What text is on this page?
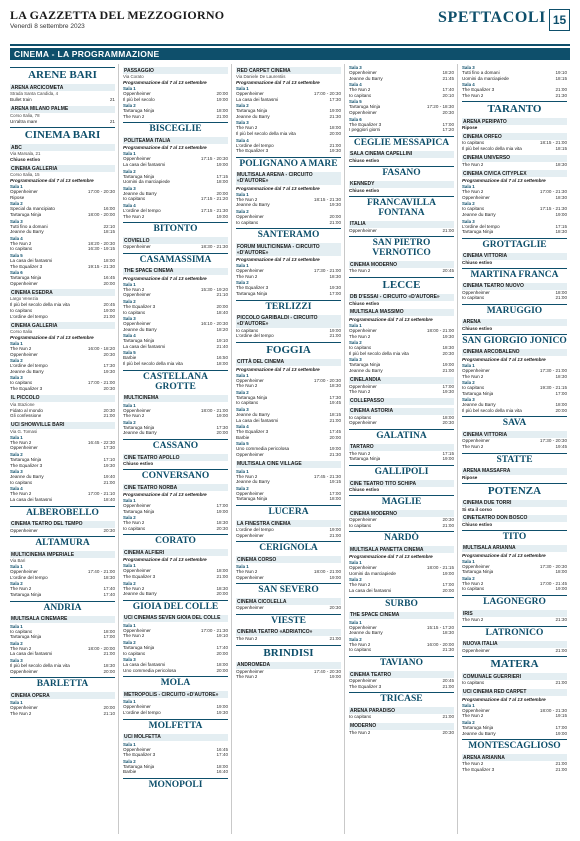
LA GAZZETTA DEL MEZZOGIORNO
Venerdì 8 settembre 2023
SPETTACOLI 15
CINEMA - LA PROGRAMMAZIONE
ARENE BARI
ARENA ARCICOMETA
Strada Santa Candida, 4
Bullet train	21
ARENA MILANO PALME
Corso Italia, 78
Un'altra mare	21
CINEMA BARI
ABC
Via Marsala, 21
Chiuso estivo
CINEMA GALLERIA
Corso Italia, 15
Programmazione dal 7 al 13 settembre
Sala 1
Oppenheimer	17:00 - 20:30
Ripose
Sala 2
Special da mancipiato	16:00
Tartaruga Ninja	18:00 - 20:00
Sala 3
Tutti fino a domani	22:10
Jeanne du Barry	18:15
Sala 4
The Nun 2	18:20 - 20:30
Io capitano	16:30 - 19:15
Sala 5
La casa dei fantasmi	18:00
The Equalizer 3	19:15 - 21:30
Sala 6
Tartaruga Ninja	16:45
Oppenheimer	20:00
CINEMA ESEDRA
Largo Venezia
Il più bel secolo della mia vita	20:45
Io capitano	19:00
L'ordine del tempo	21:00
CINEMA GALLERIA
Corso Italia
Programmazione dal 7 al 13 settembre
Sala 1
The Nun 2	16:00 - 18:20
Oppenheimer	20:30
Sala 2
L'ordine del tempo	17:30
Jeanne du Barry	19:30
Sala 3
Io capitano	17:00 - 21:00
The Equalizer 3	20:30
IL PICCOLO
Via Stazione
Fidato al mondo	20:30
Gli confessione	21:00
UCI SHOWVILLE BARI
Via G. Tomasi
Sala 1
The Nun 2	16:45 - 22:30
Oppenheimer	17:30
Sala 2
Tartaruga Ninja	17:10
The Equalizer 3	19:30
Sala 3
Jeanne du Barry	19:40
Io capitano	21:00
Sala 4
The Nun 2	17:00 - 21:10
La casa dei fantasmi	18:40
ALBEROBELLO
CINEMA TEATRO DEL TEMPO
Oppenheimer	20:30
ALTAMURA
MULTICINEMA IMPERIALE
Via Bari
Sala 1
Oppenheimer	17:40 - 21:00
L'ordine del tempo	18:30
Sala 2
The Nun 2	17:40
Tartaruga Ninja	17:40
ANDRIA
MULTISALA CINEMARE
Sala 1
Io capitano	18:00
Tartaruga Ninja	17:00
Sala 2
The Nun 2	18:00 - 20:00
La casa dei fantasmi	21:00
Sala 3
Il più bel secolo della mia vita	18:30
Oppenheimer	20:00
BARLETTA
CINEMA OPERA
Sala 1
Oppenheimer	20:00
The Nun 2	21:10
PASSAGGIO
Via Corato
Programmazione dal 7 al 13 settembre
Sala 1
Oppenheimer	20:00
Il più bel secolo	19:00
Sala 2
Tartaruga Ninja	18:00
The Nun 2	21:00
BISCEGLIE
POLITEAMA ITALIA
Programmazione dal 7 al 13 settembre
Sala 1
Oppenheimer	17:15 - 20:30
La casa dei fantasmi	19:00
Sala 2
Tartaruga Ninja	17:15
Uomini da marciapiede	18:00
Sala 3
Jeanne du Barry	20:00
Io capitano	17:15 - 21:20
Sala 4
L'ordine del tempo	17:15 - 21:30
The Nun 2	19:00
BITONTO
COVIELLO
Oppenheimer	18:30 - 21:30
CASAMASSIMA
THE SPACE CINEMA
Programmazione dal 7 al 13 settembre
Sala 1
The Nun 2	15:30 - 19:20
Oppenheimer	21:10
Sala 2
The Equalizer 3	20:00
Io capitano	18:40
Sala 3
Oppenheimer	16:10 - 20:30
Jeanne du Barry	18:20
Sala 4
Tartaruga Ninja	19:10
La casa dei fantasmi	21:40
Sala 5
Barbie	16:50
Il più bel secolo della mia vita	18:00
CASTELLANA GROTTE
MULTICINEMA
Sala 1
Oppenheimer	18:00 - 21:00
The Nun 2	19:00
Sala 2
Tartaruga Ninja	17:30
Jeanne du Barry	20:00
CASSANO
CINE TEATRO APOLLO
Chiuso estivo
CONVERSANO
CINE TEATRO NORBA
Programmazione dal 7 al 13 settembre
Sala 1
Oppenheimer	17:00
Tartaruga Ninja	19:00
Sala 2
The Nun 2	18:30
Io capitano	20:30
CORATO
CINEMA ALFIERI
Programmazione dal 7 al 13 settembre
Sala 1
Oppenheimer	18:00
The Equalizer 3	21:00
Sala 2
The Nun 2	18:30
Jeanne du Barry	20:00
GIOIA DEL COLLE
UCI CINEMAS SEVEN GIOIA DEL COLLE
Sala 1
Oppenheimer	17:00 - 21:30
The Nun 2	19:10
Sala 2
Tartaruga Ninja	17:40
Io capitano	20:00
Sala 3
La casa dei fantasmi	18:00
Uno commedia pericolosa	20:00
MOLA
METROPOLIS - CIRCUITO «D'AUTORE»
Sala 1
Oppenheimer	19:00
L'ordine del tempo	19:30
MOLFETTA
UCI MOLFETTA
Sala 1
Oppenheimer	16:45
The Equalizer 3	17:40
Sala 2
Tartaruga Ninja	18:00
Barbie	16:40
MONOPOLI
RED CARPET CINEMA
Via Daniele De Laurentiis
Programmazione dal 7 al 13 settembre
Sala 1
Oppenheimer	17:00 - 20:30
La casa dei fantasmi	17:30
Sala 2
Tartaruga Ninja	19:00
Jeanne du Barry	21:30
Sala 3
The Nun 2	18:00
Il più bel secolo della mia vita	20:00
Sala 4
L'ordine del tempo	21:00
The Equalizer 3	19:30
POLIGNANO A MARE
MULTISALA ARENA - CIRCUITO «D'AUTORE»
Programmazione dal 7 al 13 settembre
Sala 1
The Nun 2	18:15 - 21:30
Jeanne du Barry	19:30
Sala 2
Oppenheimer	20:00
Io capitano	21:00
SANTERAMO
FORUM MULTICINEMA - CIRCUITO «D'AUTORE»
Programmazione dal 7 al 13 settembre
Sala 1
Oppenheimer	17:30 - 21:00
The Nun 2	18:30
Sala 2
The Equalizer 3	19:30
Tartaruga Ninja	17:00
TERLIZZI
PICCOLO GARIBALDI - CIRCUITO «D'AUTORE»
Io capitano	19:00
L'ordine del tempo	21:00
FOGGIA
CITTÀ DEL CINEMA
Programmazione dal 7 al 13 settembre
Sala 1
Oppenheimer	17:00 - 20:30
The Nun 2	18:30
Sala 2
Tartaruga Ninja	17:30
Io capitano	19:45
Sala 3
Jeanne du Barry	18:15
La casa dei fantasmi	21:00
Sala 4
The Equalizer 3	17:45
Barbie	20:00
Sala 5
Uno commedia pericolosa	19:00
Oppenheimer	21:30
MULTISALA CINE VILLAGE
Sala 1
The Nun 2	17:45 - 21:30
Jeanne du Barry	19:15
Sala 2
Oppenheimer	17:00
Tartaruga Ninja	18:00
LUCERA
LA FINESTRA CINEMA
L'ordine del tempo	19:00
Oppenheimer	21:00
CERIGNOLA
CINEMA CORSO
Sala 1
The Nun 2	18:00 - 21:00
Oppenheimer	19:00
SAN SEVERO
CINEMA CICOLELLA
Oppenheimer	20:30
VIESTE
CINEMA TEATRO «ADRIATICO»
The Nun 2	21:00
BRINDISI
ANDROMEDA
Oppenheimer	17:40 - 20:30
The Nun 2	19:00
Sala 3
Oppenheimer	18:20
Jeanne du Barry	21:45
Sala 4
The Nun 2	17:40
Io capitano	20:10
Sala 5
Tartaruga Ninja	17:20 - 18:30
Oppenheimer	20:30
Sala 6
The Equalizer 3	17:00
I peggiori giorni	17:20
CEGLIE MESSAPICA
SALA CINEMA CAPELLINI
Chiuso estivo
FASANO
KENNEDY
Chiuso estivo
FRANCAVILLA FONTANA
ITALIA
Oppenheimer	21:00
SAN PIETRO VERNOTICO
CINEMA MODERNO
The Nun 2	20:45
LECCE
DB D'ESSAI - CIRCUITO «D'AUTORE»
Chiuso estivo
MULTISALA MASSIMO
Programmazione dal 7 al 13 settembre
Sala 1
Oppenheimer	18:00 - 21:00
The Nun 2	19:30
Sala 2
Io capitano	18:30
Il più bel secolo della mia vita	20:30
Sala 3
Tartaruga Ninja	19:00
Jeanne du Barry	21:00
CINELANDIA
Oppenheimer	17:00
The Nun 2	19:30
COLLEPASSO
CINEMA ASTORIA
Io capitano	18:00
Oppenheimer	20:30
GALATINA
TARTARO
The Nun 2	17:15
Tartaruga Ninja	19:00
GALLIPOLI
CINE TEATRO TITO SCHIPA
Chiuso estivo
MAGLIE
CINEMA MODERNO
Oppenheimer	20:30
Io capitano	21:00
NARDÒ
MULTISALA PANETTA CINEMA
Programmazione dal 7 al 13 settembre
Sala 1
Oppenheimer	18:00 - 21:15
Uomini da marciapiede	19:00
Sala 2
The Nun 2	17:00
La casa dei fantasmi	20:00
SURBO
THE SPACE CINEMA
Sala 1
Oppenheimer	15:15 - 17:20
Jeanne du Barry	18:30
Sala 2
The Nun 2	16:00 - 20:00
Io capitano	21:30
TAVIANO
CINEMA TEATRO
Oppenheimer	20:45
The Equalizer 3	21:00
TRICASE
ARENA PARADISO
Io capitano	21:00
MODERNO
The Nun 2	20:30
Sala 3
Tutti fino a domani	19:10
Uomini da marciapiede	18:15
Sala 4
The Equalizer 3	21:00
The Nun 2	21:30
TARANTO
ARENA PERIPATO
Ripose
CINEMA ORFEO
Io capitano	18:15 - 21:00
Il più bel secolo della mia vita	18:15
CINEMA UNIVERSO
The Nun 2	18:30
CINEMA CIVICA CITYPLEX
Programmazione dal 7 al 13 settembre
Sala 1
The Nun 2	17:00 - 21:30
Oppenheimer	18:30
Sala 2
Io capitano	17:15 - 21:30
Jeanne du Barry	19:00
Sala 3
L'ordine del tempo	17:15
Tartaruga Ninja	18:30
GROTTAGLIE
CINEMA VITTORIA
Chiuso estivo
MARTINA FRANCA
CINEMA TEATRO NUOVO
Oppenheimer	18:00
Io capitano	21:00
MARUGGIO
ARENA
Chiuso estivo
SAN GIORGIO JONICO
CINEMA ARCOBALENO
Programmazione dal 7 al 13 settembre
Sala 1
Oppenheimer	17:30 - 21:00
The Nun 2	18:30
Sala 2
Io capitano	19:30 - 21:15
Tartaruga Ninja	17:00
Sala 3
Jeanne du Barry	18:00
Il più bel secolo della mia vita	20:00
SAVA
CINEMA VITTORIA
Oppenheimer	17:30 - 20:30
The Nun 2	19:45
STATTE
ARENA MASSAFRA
Ripose
POTENZA
CINEMA DUE TORRI
Si sta il corso
CINETEATRO DON BOSCO
Chiuso estivo
TITO
MULTISALA ARIANNA
Programmazione dal 7 al 13 settembre
Sala 1
Oppenheimer	17:30 - 20:30
Tartaruga Ninja	18:00
Sala 2
The Nun 2	17:00 - 21:45
Io capitano	19:00
LAGONEGRO
IRIS
The Nun 2	21:30
LATRONICO
NUOVA ITALIA
Oppenheimer	21:00
MATERA
COMUNALE GUERRIERI
Io capitano	21:00
UCI CINEMA RED CARPET
Programmazione dal 7 al 13 settembre
Sala 1
Oppenheimer	18:00 - 21:30
The Nun 2	19:15
Sala 2
Tartaruga Ninja	17:00
Jeanne du Barry	19:00
MONTESCAGLIOSO
ARENA ARIANNA
The Nun 2	21:00
The Equalizer 3	21:00
